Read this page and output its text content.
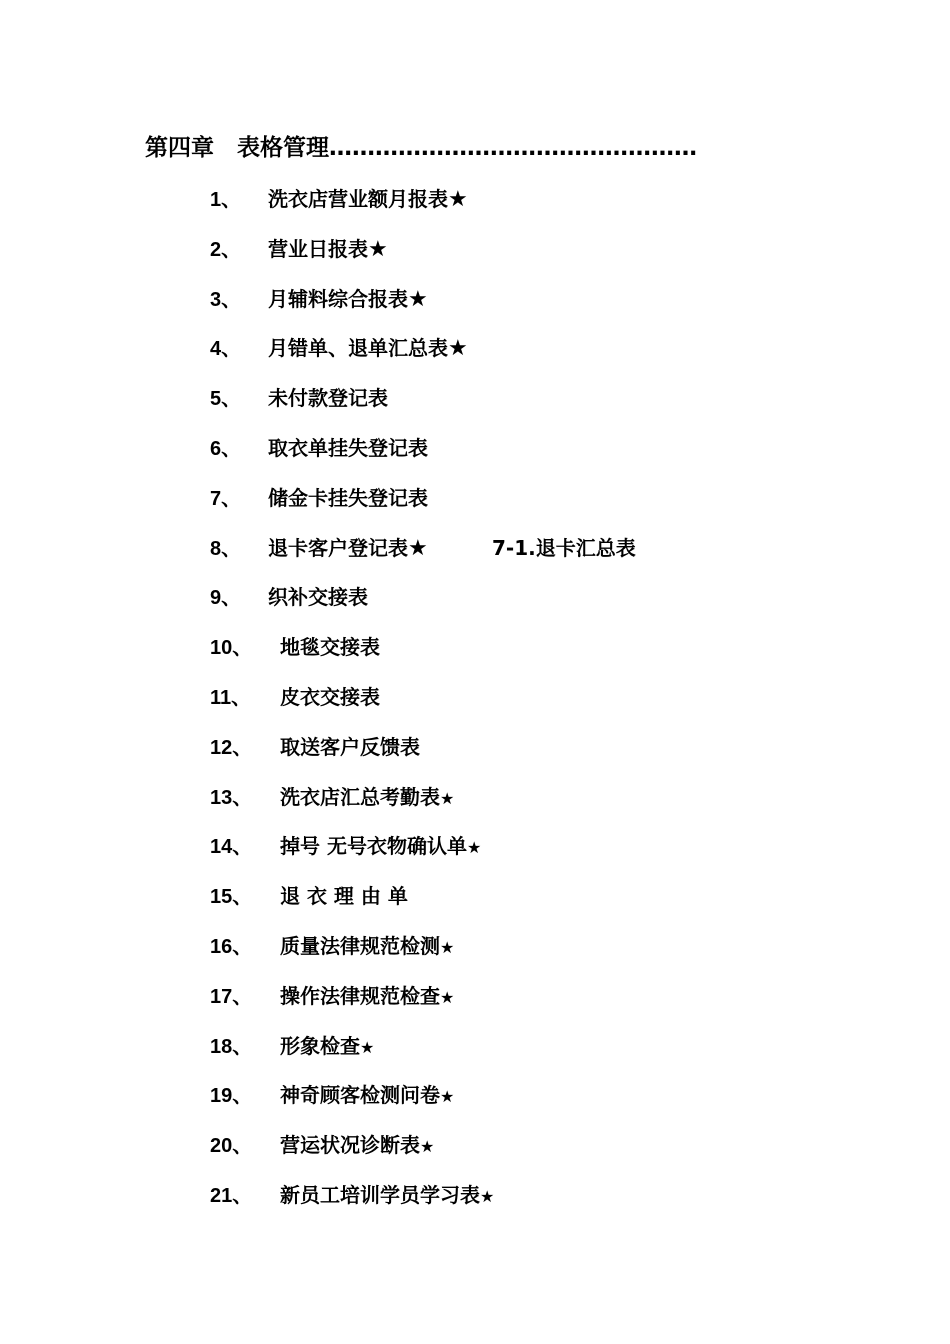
第四章　表格管理…………………………………………
1、 洗衣店营业额月报表★
2、 营业日报表★
3、 月辅料综合报表★
4、 月错单、退单汇总表★
5、 未付款登记表
6、 取衣单挂失登记表
7、 储金卡挂失登记表
8、 退卡客户登记表★	7-1.退卡汇总表
9、 织补交接表
10、 地毯交接表
11、 皮衣交接表
12、 取送客户反馈表
13、 洗衣店汇总考勤表★
14、 掉号 无号衣物确认单★
15、 退 衣 理 由 单
16、 质量法律规范检测★
17、 操作法律规范检查★
18、 形象检查★
19、 神奇顾客检测问卷★
20、 营运状况诊断表★
21、 新员工培训学员学习表★
